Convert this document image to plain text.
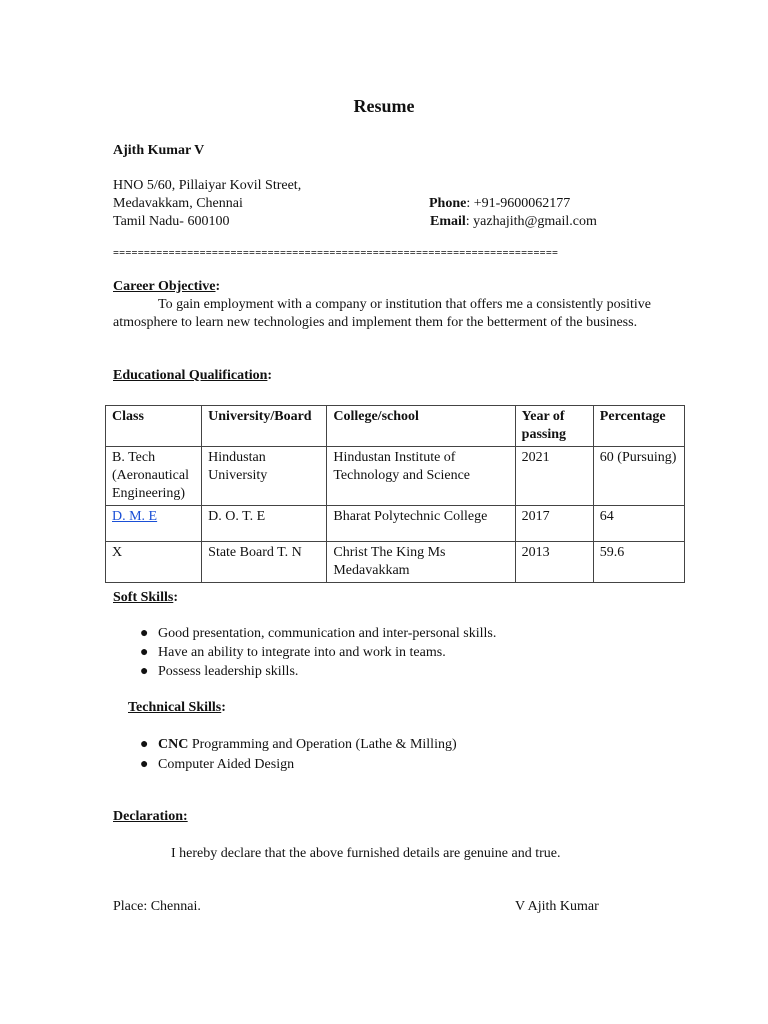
Resume
Ajith Kumar V
HNO 5/60, Pillaiyar Kovil Street,
Medavakkam, Chennai
Tamil Nadu- 600100
Phone: +91-9600062177
Email: yazhajith@gmail.com
========================================================================
Career Objective:
To gain employment with a company or institution that offers me a consistently positive atmosphere to learn new technologies and implement them for the betterment of the business.
Educational Qualification:
Class	University/Board	College/school	Year of passing	Percentage
B. Tech (Aeronautical Engineering)	Hindustan University	Hindustan Institute of Technology and Science	2021	60 (Pursuing)
D. M. E	D. O. T. E	Bharat Polytechnic College	2017	64
X	State Board T. N	Christ The King Ms Medavakkam	2013	59.6
Soft Skills:
● Good presentation, communication and inter-personal skills.
● Have an ability to integrate into and work in teams.
● Possess leadership skills.
Technical Skills:
● CNC Programming and Operation (Lathe & Milling)
● Computer Aided Design
Declaration:
I hereby declare that the above furnished details are genuine and true.
Place: Chennai.	V Ajith Kumar
